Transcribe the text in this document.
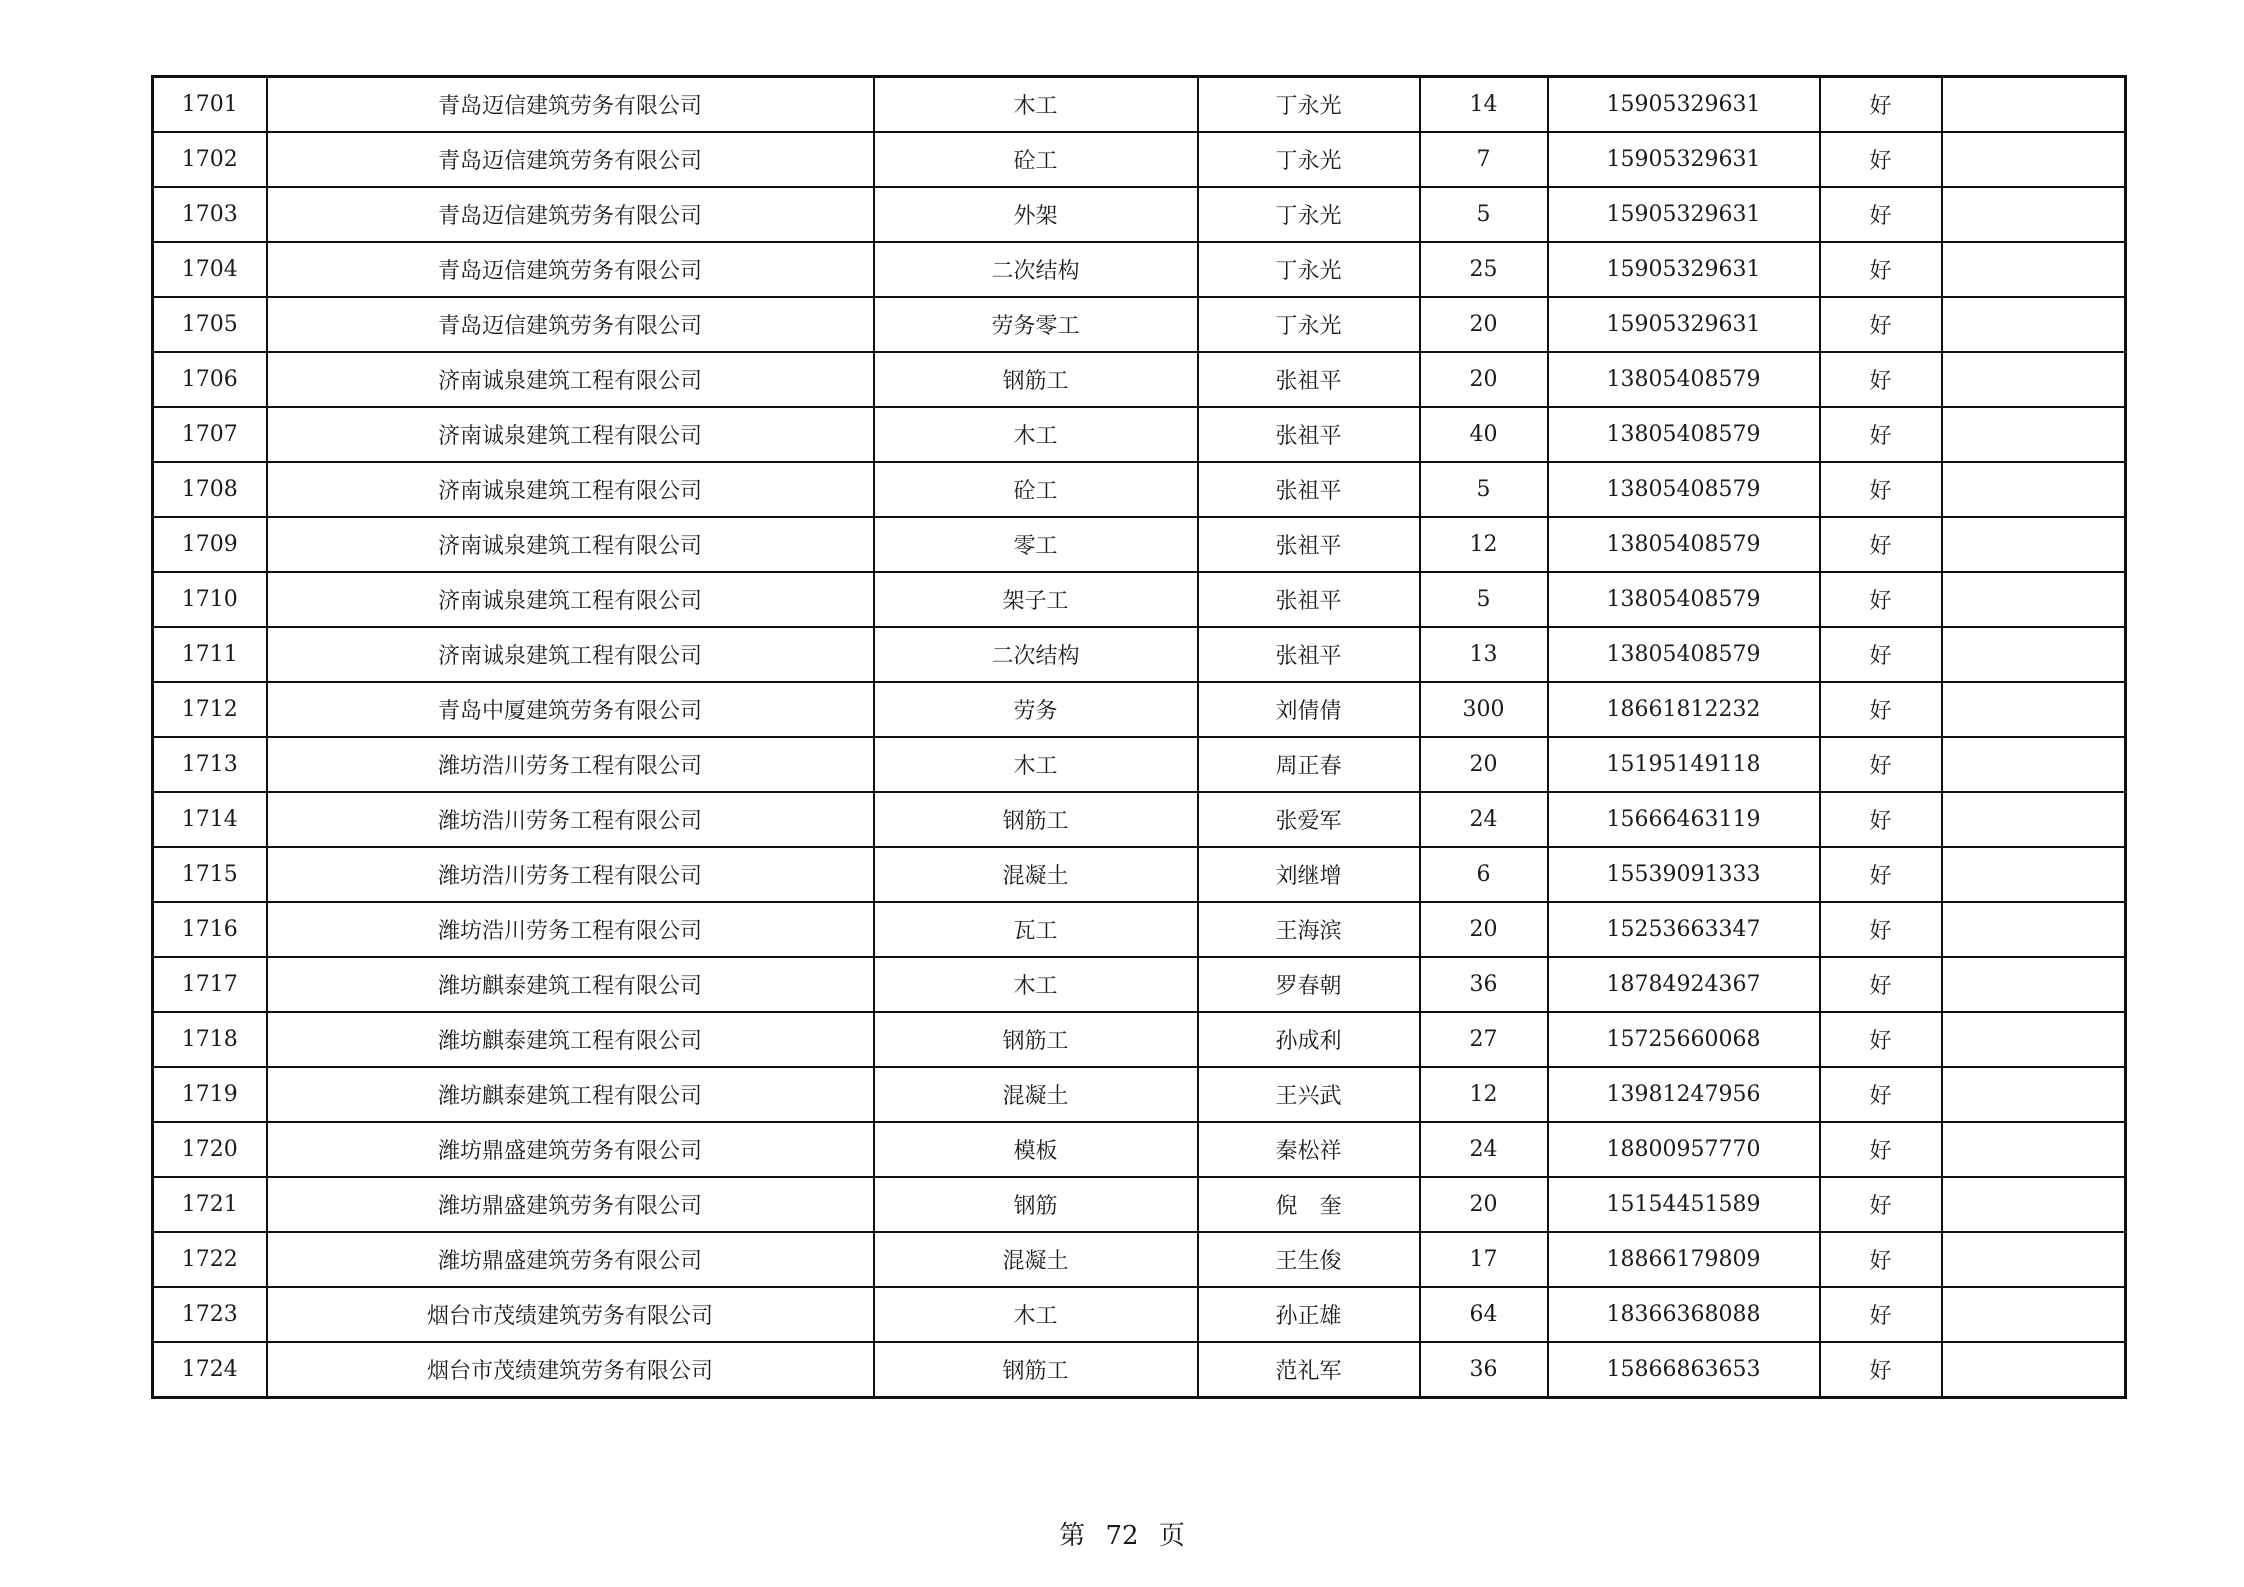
1701	青岛迈信建筑劳务有限公司	木工	丁永光	14	15905329631	好	
1702	青岛迈信建筑劳务有限公司	砼工	丁永光	7	15905329631	好	
1703	青岛迈信建筑劳务有限公司	外架	丁永光	5	15905329631	好	
1704	青岛迈信建筑劳务有限公司	二次结构	丁永光	25	15905329631	好	
1705	青岛迈信建筑劳务有限公司	劳务零工	丁永光	20	15905329631	好	
1706	济南诚泉建筑工程有限公司	钢筋工	张祖平	20	13805408579	好	
1707	济南诚泉建筑工程有限公司	木工	张祖平	40	13805408579	好	
1708	济南诚泉建筑工程有限公司	砼工	张祖平	5	13805408579	好	
1709	济南诚泉建筑工程有限公司	零工	张祖平	12	13805408579	好	
1710	济南诚泉建筑工程有限公司	架子工	张祖平	5	13805408579	好	
1711	济南诚泉建筑工程有限公司	二次结构	张祖平	13	13805408579	好	
1712	青岛中厦建筑劳务有限公司	劳务	刘倩倩	300	18661812232	好	
1713	潍坊浩川劳务工程有限公司	木工	周正春	20	15195149118	好	
1714	潍坊浩川劳务工程有限公司	钢筋工	张爱军	24	15666463119	好	
1715	潍坊浩川劳务工程有限公司	混凝土	刘继增	6	15539091333	好	
1716	潍坊浩川劳务工程有限公司	瓦工	王海滨	20	15253663347	好	
1717	潍坊麒泰建筑工程有限公司	木工	罗春朝	36	18784924367	好	
1718	潍坊麒泰建筑工程有限公司	钢筋工	孙成利	27	15725660068	好	
1719	潍坊麒泰建筑工程有限公司	混凝土	王兴武	12	13981247956	好	
1720	潍坊鼎盛建筑劳务有限公司	模板	秦松祥	24	18800957770	好	
1721	潍坊鼎盛建筑劳务有限公司	钢筋	倪　奎	20	15154451589	好	
1722	潍坊鼎盛建筑劳务有限公司	混凝土	王生俊	17	18866179809	好	
1723	烟台市茂绩建筑劳务有限公司	木工	孙正雄	64	18366368088	好	
1724	烟台市茂绩建筑劳务有限公司	钢筋工	范礼军	36	15866863653	好	
第 72 页
